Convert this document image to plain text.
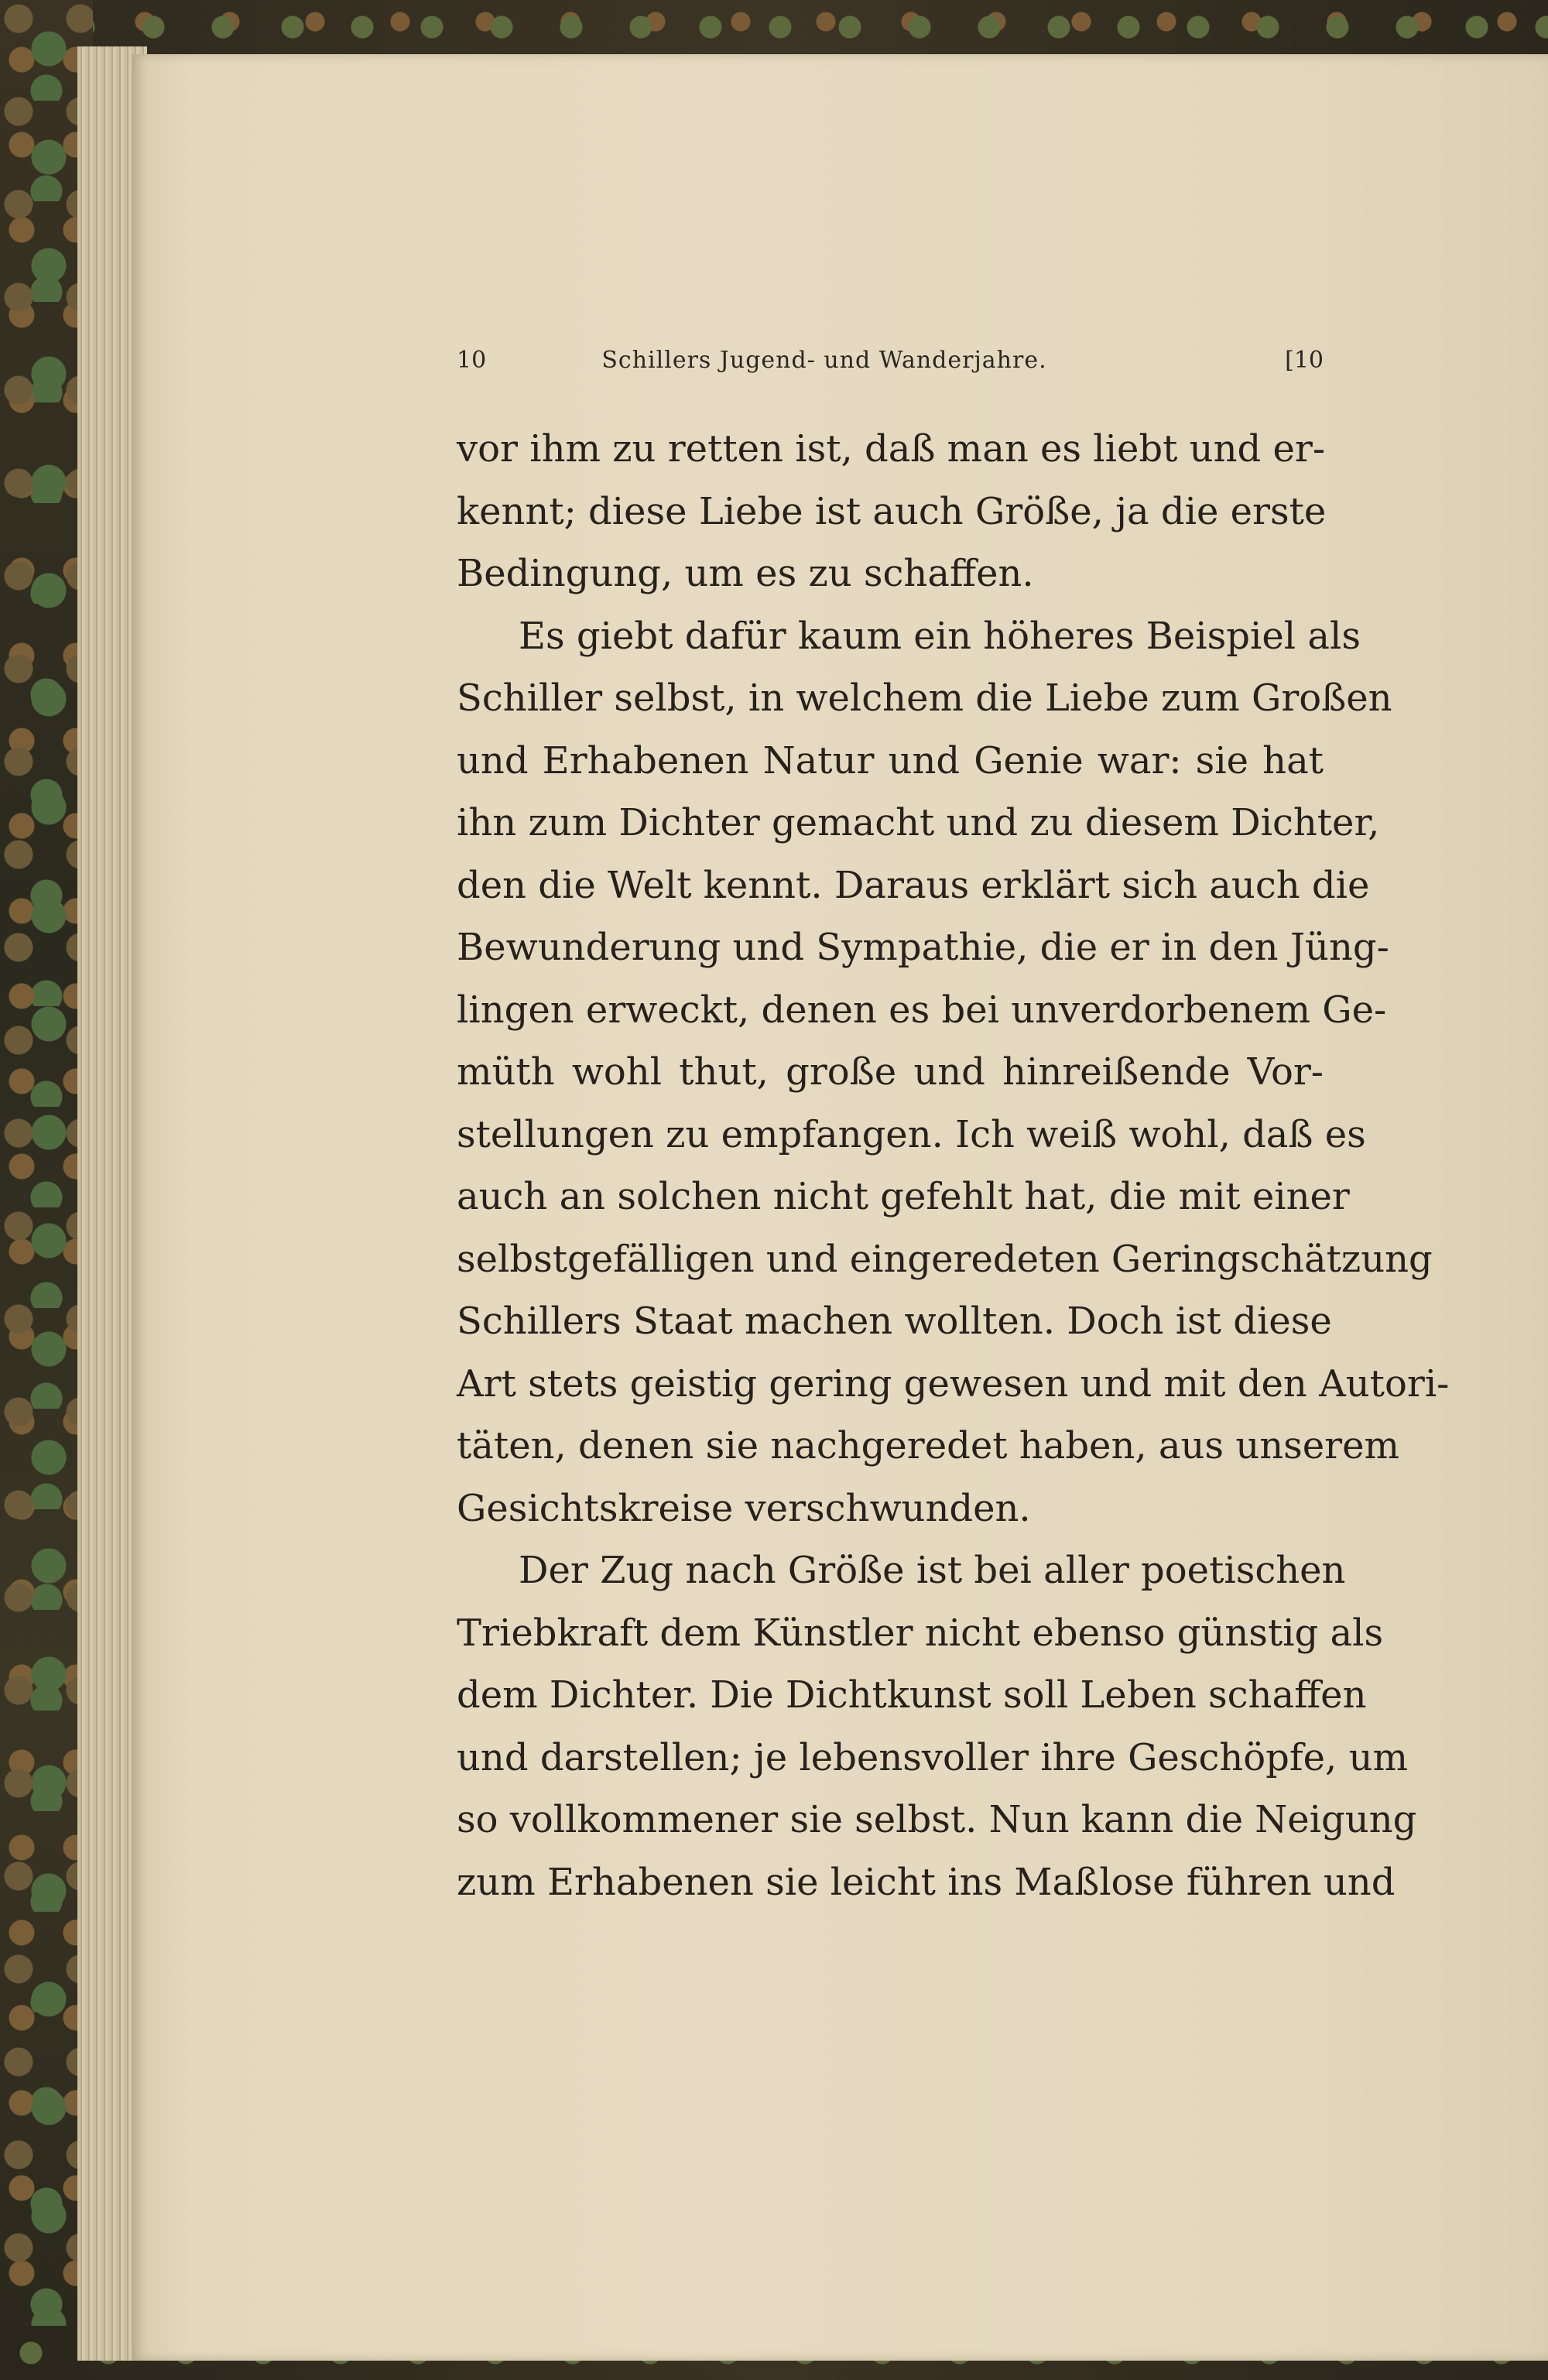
10	Schillers Jugend- und Wanderjahre.	[10
vor ihm zu retten ist, daß man es liebt und er-
kennt; diese Liebe ist auch Größe, ja die erste
Bedingung, um es zu schaffen.
Es giebt dafür kaum ein höheres Beispiel als
Schiller selbst, in welchem die Liebe zum Großen
und Erhabenen Natur und Genie war: sie hat
ihn zum Dichter gemacht und zu diesem Dichter,
den die Welt kennt. Daraus erklärt sich auch die
Bewunderung und Sympathie, die er in den Jüng-
lingen erweckt, denen es bei unverdorbenem Ge-
müth wohl thut, große und hinreißende Vor-
stellungen zu empfangen. Ich weiß wohl, daß es
auch an solchen nicht gefehlt hat, die mit einer
selbstgefälligen und eingeredeten Geringschätzung
Schillers Staat machen wollten. Doch ist diese
Art stets geistig gering gewesen und mit den Autori-
täten, denen sie nachgeredet haben, aus unserem
Gesichtskreise verschwunden.
Der Zug nach Größe ist bei aller poetischen
Triebkraft dem Künstler nicht ebenso günstig als
dem Dichter. Die Dichtkunst soll Leben schaffen
und darstellen; je lebensvoller ihre Geschöpfe, um
so vollkommener sie selbst. Nun kann die Neigung
zum Erhabenen sie leicht ins Maßlose führen und
